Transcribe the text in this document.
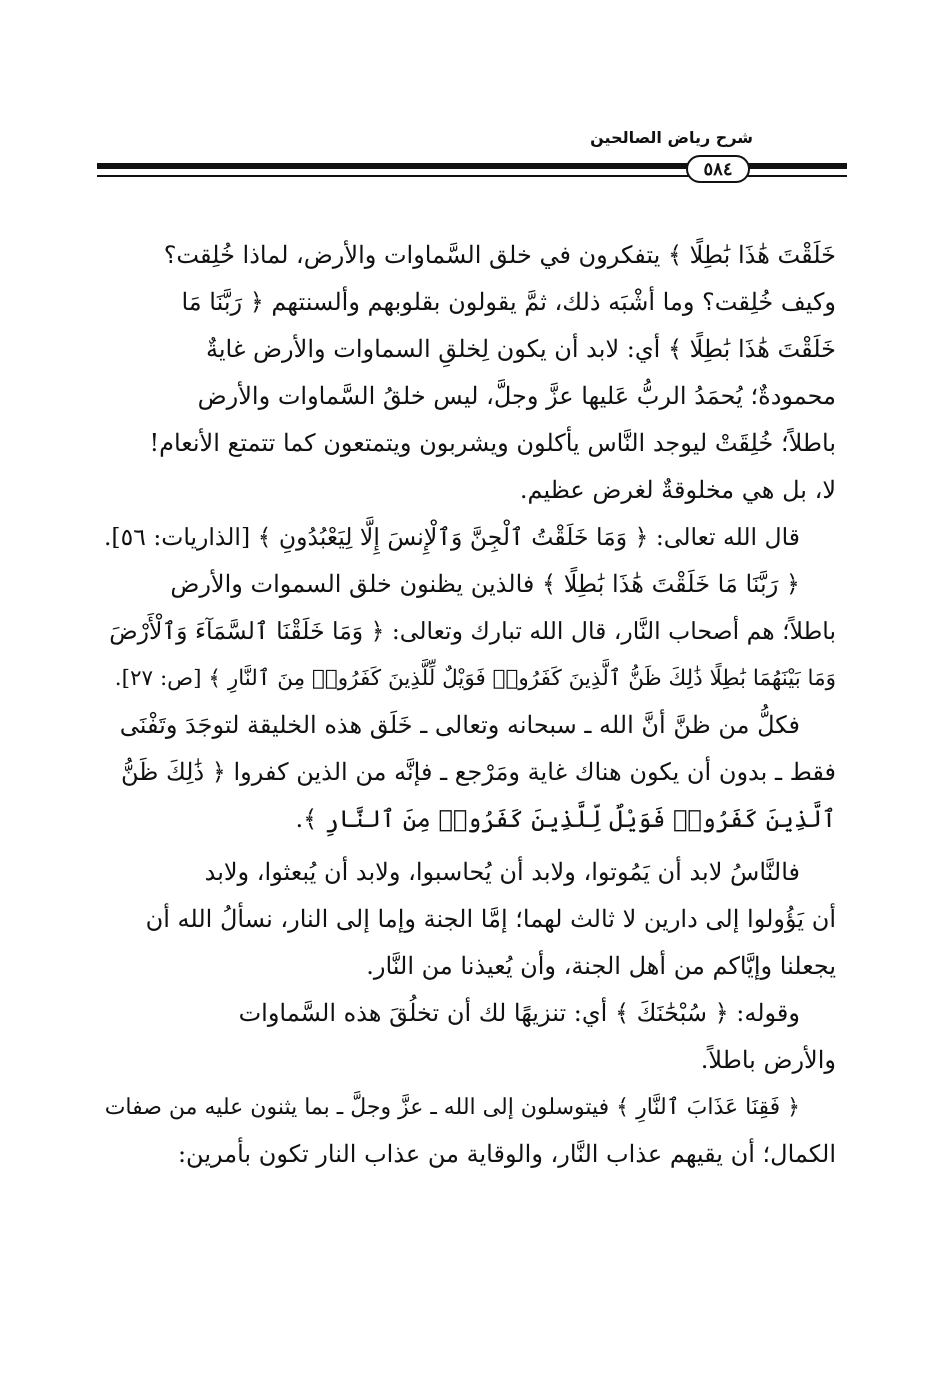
شرح رياض الصالحين
٥٨٤
خَلَقْتَ هَٰذَا بَٰطِلًا ﴾ يتفكرون في خلق السَّماوات والأرض، لماذا خُلِقت؟
وكيف خُلِقت؟ وما أشْبَه ذلك، ثمَّ يقولون بقلوبهم وألسنتهم ﴿ رَبَّنَا مَا
خَلَقْتَ هَٰذَا بَٰطِلًا ﴾ أي: لابد أن يكون لِخلقِ السماوات والأرض غايةٌ
محمودةٌ؛ يُحمَدُ الربُّ عَليها عزَّ وجلَّ، ليس خلقُ السَّماوات والأرض
باطلاً؛ خُلِقَتْ ليوجد النَّاس يأكلون ويشربون ويتمتعون كما تتمتع الأنعام!
لا، بل هي مخلوقةٌ لغرض عظيم.
قال الله تعالى: ﴿ وَمَا خَلَقْتُ ٱلْجِنَّ وَٱلْإِنسَ إِلَّا لِيَعْبُدُونِ ﴾ [الذاريات: ٥٦].
﴿ رَبَّنَا مَا خَلَقْتَ هَٰذَا بَٰطِلًا ﴾ فالذين يظنون خلق السموات والأرض
باطلاً؛ هم أصحاب النَّار، قال الله تبارك وتعالى: ﴿ وَمَا خَلَقْنَا ٱلسَّمَآءَ وَٱلْأَرْضَ
وَمَا بَيْنَهُمَا بَٰطِلًا ذَٰلِكَ ظَنُّ ٱلَّذِينَ كَفَرُوا۟ فَوَيْلٌ لِّلَّذِينَ كَفَرُوا۟ مِنَ ٱلنَّارِ ﴾ [ص: ٢٧].
فكلُّ من ظنَّ أنَّ الله ـ سبحانه وتعالى ـ خَلَق هذه الخليقة لتوجَدَ وتَفْنَى
فقط ـ بدون أن يكون هناك غاية ومَرْجع ـ فإنَّه من الذين كفروا ﴿ ذَٰلِكَ ظَنُّ
ٱلَّذِينَ كَفَرُوا۟ فَوَيْلٌ لِّلَّذِينَ كَفَرُوا۟ مِنَ ٱلنَّارِ ﴾.
فالنَّاسُ لابد أن يَمُوتوا، ولابد أن يُحاسبوا، ولابد أن يُبعثوا، ولابد
أن يَؤُولوا إلى دارين لا ثالث لهما؛ إمَّا الجنة وإما إلى النار، نسألُ الله أن
يجعلنا وإيَّاكم من أهل الجنة، وأن يُعيذنا من النَّار.
وقوله: ﴿ سُبْحَٰنَكَ ﴾ أي: تنزيهًا لك أن تخلُقَ هذه السَّماوات
والأرض باطلاً.
﴿ فَقِنَا عَذَابَ ٱلنَّارِ ﴾ فيتوسلون إلى الله ـ عزَّ وجلَّ ـ بما يثنون عليه من صفات
الكمال؛ أن يقيهم عذاب النَّار، والوقاية من عذاب النار تكون بأمرين:
